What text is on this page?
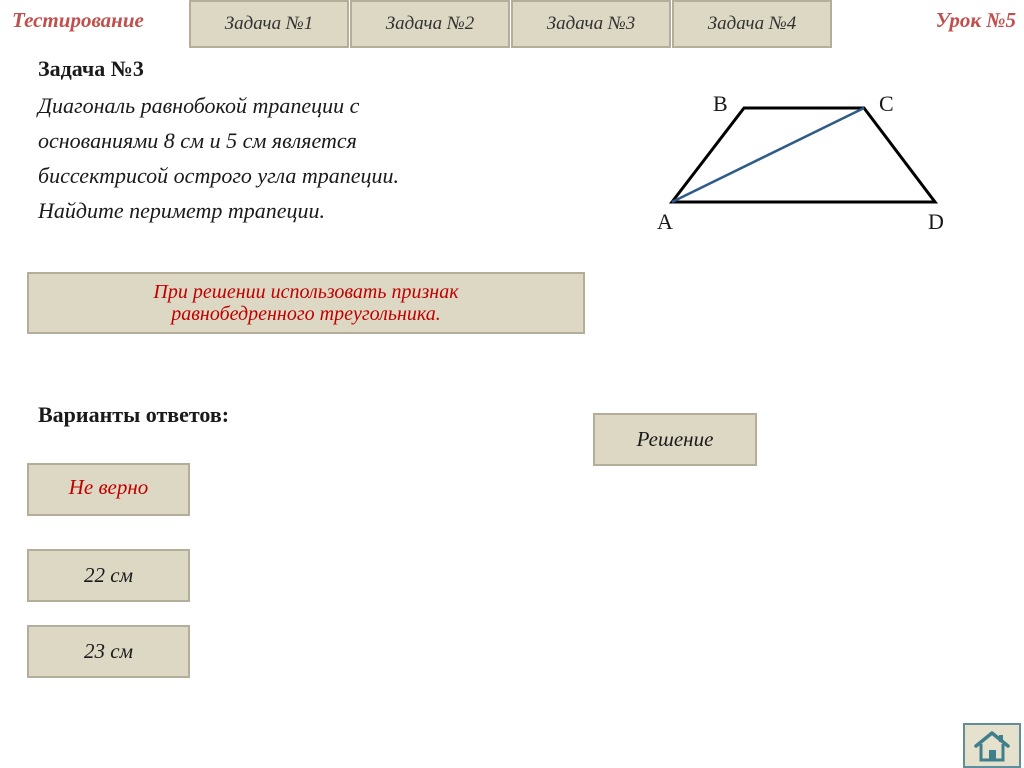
Тестирование	Урок №5
Задача №1	Задача №2	Задача №3	Задача №4
Задача №3
Диагональ равнобокой трапеции с
основаниями 8 см и 5 см является
биссектрисой острого угла трапеции.
Найдите периметр трапеции.
При решении использовать признак
равнобедренного треугольника.
Варианты ответов:
Не верно
22 см
23 см
Решение
B	C
A	D
